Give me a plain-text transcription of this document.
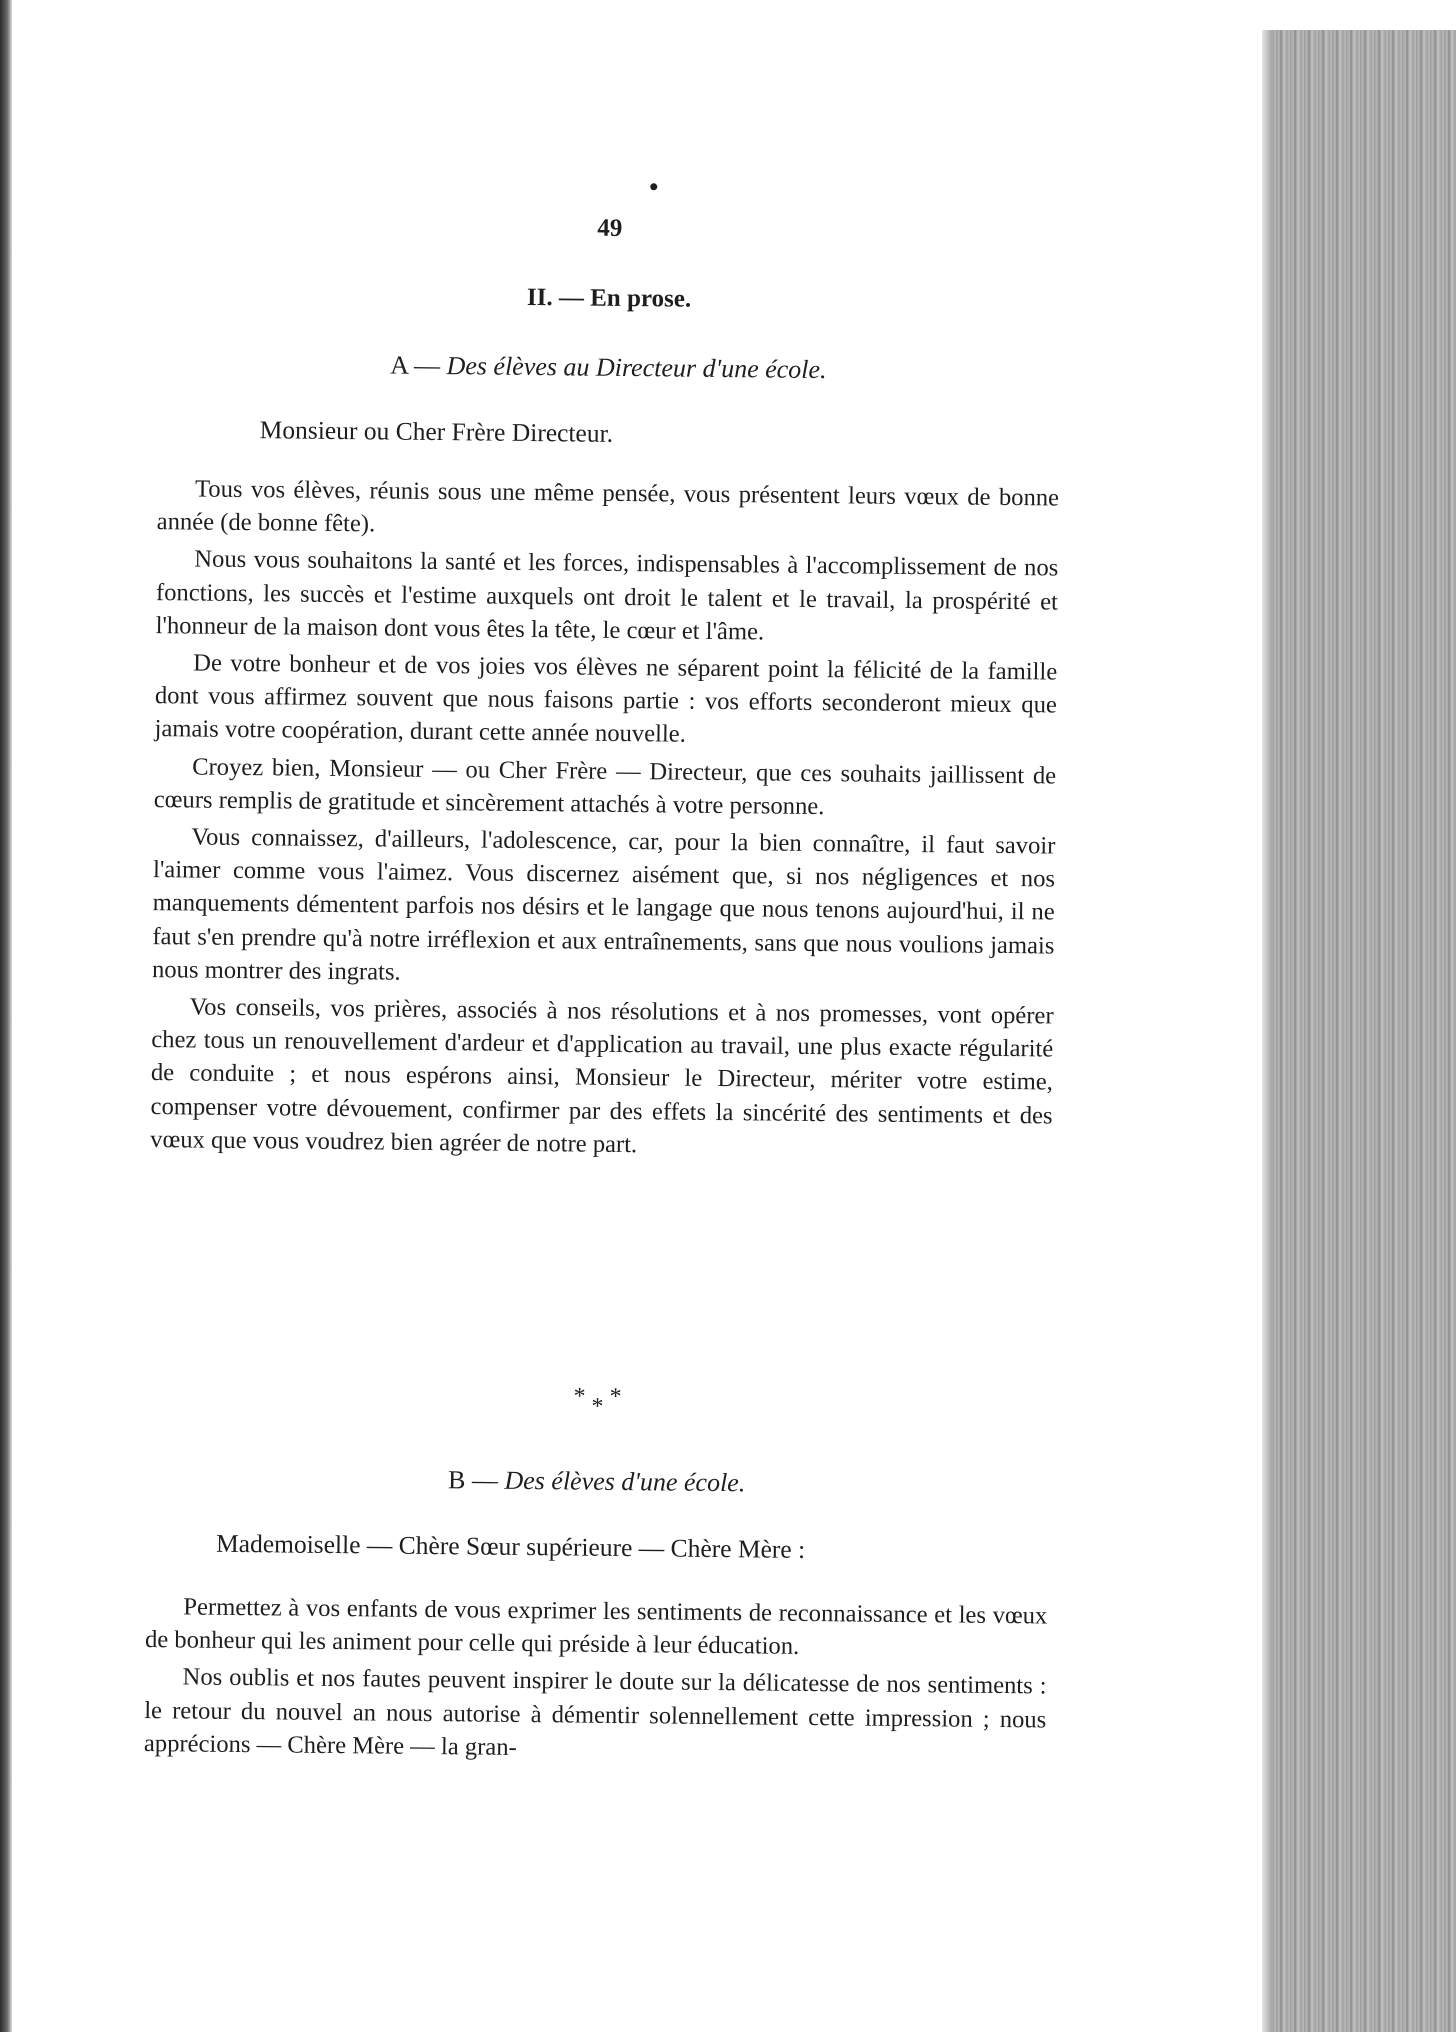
49
II. — En prose.
A — Des élèves au Directeur d'une école.
Monsieur ou Cher Frère Directeur.

Tous vos élèves, réunis sous une même pensée, vous présentent leurs vœux de bonne année (de bonne fête).

Nous vous souhaitons la santé et les forces, indispensables à l'accomplissement de nos fonctions, les succès et l'estime auxquels ont droit le talent et le travail, la prospérité et l'honneur de la maison dont vous êtes la tête, le cœur et l'âme.

De votre bonheur et de vos joies vos élèves ne séparent point la félicité de la famille dont vous affirmez souvent que nous faisons partie : vos efforts seconderont mieux que jamais votre coopération, durant cette année nouvelle.

Croyez bien, Monsieur — ou Cher Frère — Directeur, que ces souhaits jaillissent de cœurs remplis de gratitude et sincèrement attachés à votre personne.

Vous connaissez, d'ailleurs, l'adolescence, car, pour la bien connaître, il faut savoir l'aimer comme vous l'aimez. Vous discernez aisément que, si nos négligences et nos manquements démentent parfois nos désirs et le langage que nous tenons aujourd'hui, il ne faut s'en prendre qu'à notre irréflexion et aux entraînements, sans que nous voulions jamais nous montrer des ingrats.

Vos conseils, vos prières, associés à nos résolutions et à nos promesses, vont opérer chez tous un renouvellement d'ardeur et d'application au travail, une plus exacte régularité de conduite ; et nous espérons ainsi, Monsieur le Directeur, mériter votre estime, compenser votre dévouement, confirmer par des effets la sincérité des sentiments et des vœux que vous voudrez bien agréer de notre part.

* * *
B — Des élèves d'une école.
Mademoiselle — Chère Sœur supérieure — Chère Mère :

Permettez à vos enfants de vous exprimer les sentiments de reconnaissance et les vœux de bonheur qui les animent pour celle qui préside à leur éducation.

Nos oublis et nos fautes peuvent inspirer le doute sur la délicatesse de nos sentiments : le retour du nouvel an nous autorise à démentir solennellement cette impression ; nous apprécions — Chère Mère — la gran-
